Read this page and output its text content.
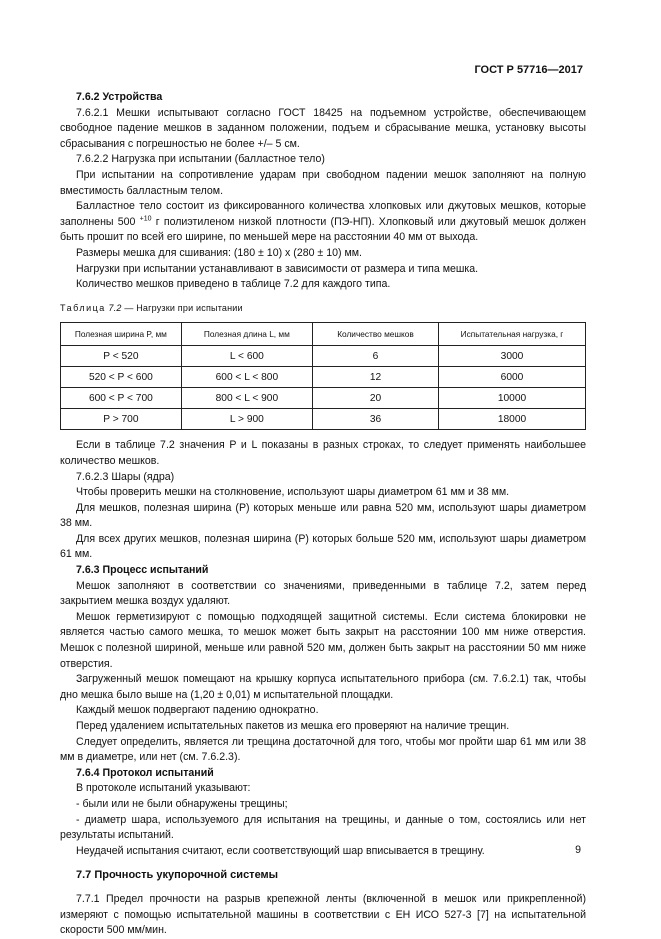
ГОСТ Р 57716—2017

7.6.2 Устройства

7.6.2.1 Мешки испытывают согласно ГОСТ 18425 на подъемном устройстве, обеспечивающем свободное падение мешков в заданном положении, подъем и сбрасывание мешка, установку высоты сбрасывания с погрешностью не более +/– 5 см.

7.6.2.2 Нагрузка при испытании (балластное тело)

При испытании на сопротивление ударам при свободном падении мешок заполняют на полную вместимость балластным телом.

Балластное тело состоит из фиксированного количества хлопковых или джутовых мешков, которые заполнены 500 $^{+10}$ г полиэтиленом низкой плотности (ПЭ-НП). Хлопковый или джутовый мешок должен быть прошит по всей его ширине, по меньшей мере на расстоянии 40 мм от выхода.

Размеры мешка для сшивания: (180 ± 10) x (280 ± 10) мм.

Нагрузки при испытании устанавливают в зависимости от размера и типа мешка.

Количество мешков приведено в таблице 7.2 для каждого типа.

Таблица 7.2 — Нагрузки при испытании

Полезная ширина P, мм	Полезная длина L, мм	Количество мешков	Испытательная нагрузка, г
P < 520	L < 600	6	3000
520 < P < 600	600 < L < 800	12	6000
600 < P < 700	800 < L < 900	20	10000
P > 700	L > 900	36	18000

Если в таблице 7.2 значения P и L показаны в разных строках, то следует применять наибольшее количество мешков.

7.6.2.3 Шары (ядра)

Чтобы проверить мешки на столкновение, используют шары диаметром 61 мм и 38 мм.

Для мешков, полезная ширина (P) которых меньше или равна 520 мм, используют шары диаметром 38 мм.

Для всех других мешков, полезная ширина (P) которых больше 520 мм, используют шары диаметром 61 мм.

7.6.3 Процесс испытаний

Мешок заполняют в соответствии со значениями, приведенными в таблице 7.2, затем перед закрытием мешка воздух удаляют.

Мешок герметизируют с помощью подходящей защитной системы. Если система блокировки не является частью самого мешка, то мешок может быть закрыт на расстоянии 100 мм ниже отверстия. Мешок с полезной шириной, меньше или равной 520 мм, должен быть закрыт на расстоянии 50 мм ниже отверстия.

Загруженный мешок помещают на крышку корпуса испытательного прибора (см. 7.6.2.1) так, чтобы дно мешка было выше на (1,20 ± 0,01) м испытательной площадки.

Каждый мешок подвергают падению однократно.

Перед удалением испытательных пакетов из мешка его проверяют на наличие трещин.

Следует определить, является ли трещина достаточной для того, чтобы мог пройти шар 61 мм или 38 мм в диаметре, или нет (см. 7.6.2.3).

7.6.4 Протокол испытаний

В протоколе испытаний указывают:

- были или не были обнаружены трещины;

- диаметр шара, используемого для испытания на трещины, и данные о том, состоялись или нет результаты испытаний.

Неудачей испытания считают, если соответствующий шар вписывается в трещину.

7.7 Прочность укупорочной системы

7.7.1 Предел прочности на разрыв крепежной ленты (включенной в мешок или прикрепленной) измеряют с помощью испытательной машины в соответствии с ЕН ИСО 527-3 [7] на испытательной скорости 500 мм/мин.

9
